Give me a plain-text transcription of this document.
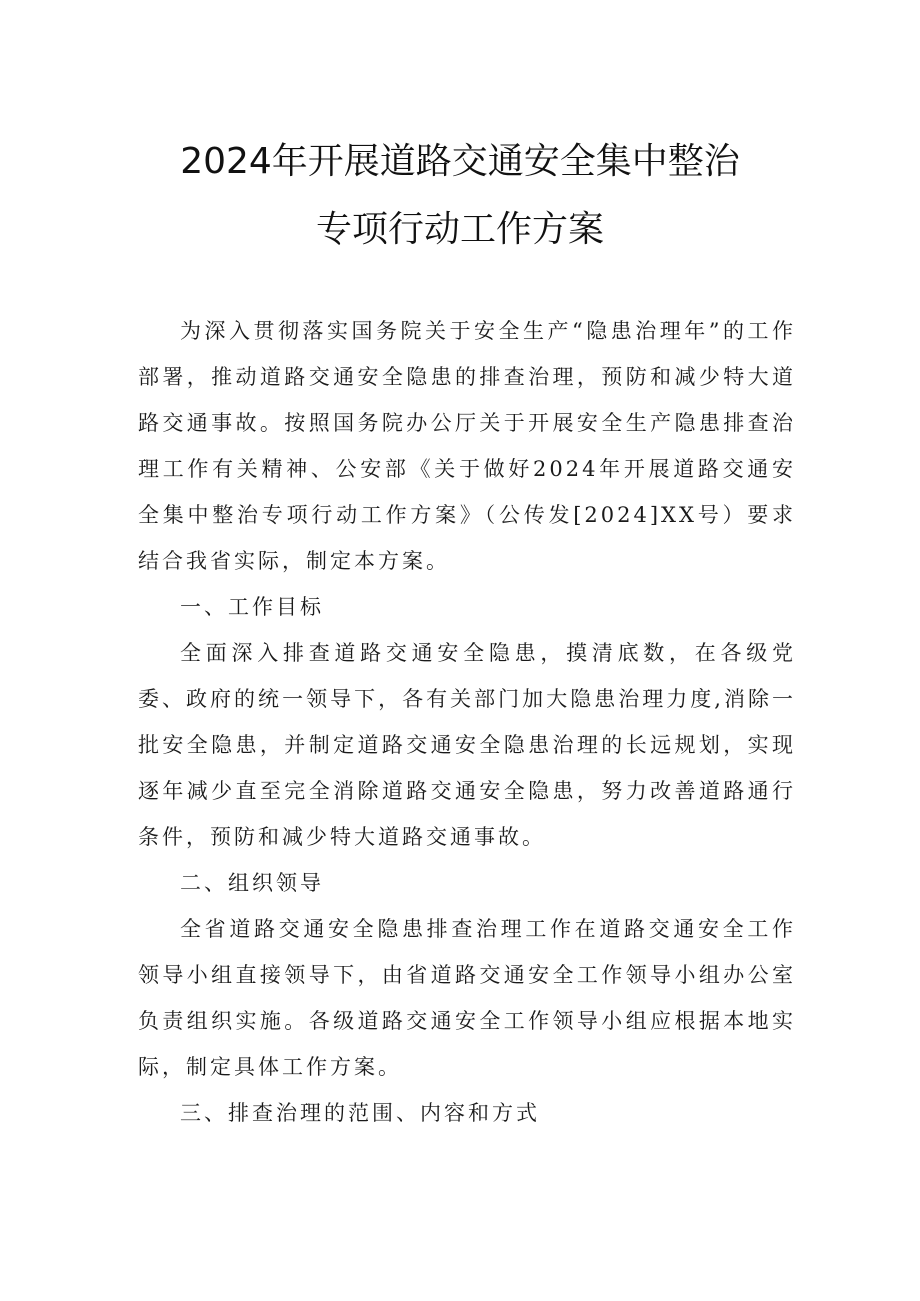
2024年开展道路交通安全集中整治
专项行动工作方案

为深入贯彻落实国务院关于安全生产“隐患治理年”的工作部署，推动道路交通安全隐患的排查治理，预防和减少特大道路交通事故。按照国务院办公厅关于开展安全生产隐患排查治理工作有关精神、公安部《关于做好2024年开展道路交通安全集中整治专项行动工作方案》（公传发[2024]XX号）要求结合我省实际，制定本方案。

一、工作目标

全面深入排查道路交通安全隐患，摸清底数，在各级党委、政府的统一领导下，各有关部门加大隐患治理力度,消除一批安全隐患，并制定道路交通安全隐患治理的长远规划，实现逐年减少直至完全消除道路交通安全隐患，努力改善道路通行条件，预防和减少特大道路交通事故。

二、组织领导

全省道路交通安全隐患排查治理工作在道路交通安全工作领导小组直接领导下，由省道路交通安全工作领导小组办公室负责组织实施。各级道路交通安全工作领导小组应根据本地实际，制定具体工作方案。

三、排查治理的范围、内容和方式
